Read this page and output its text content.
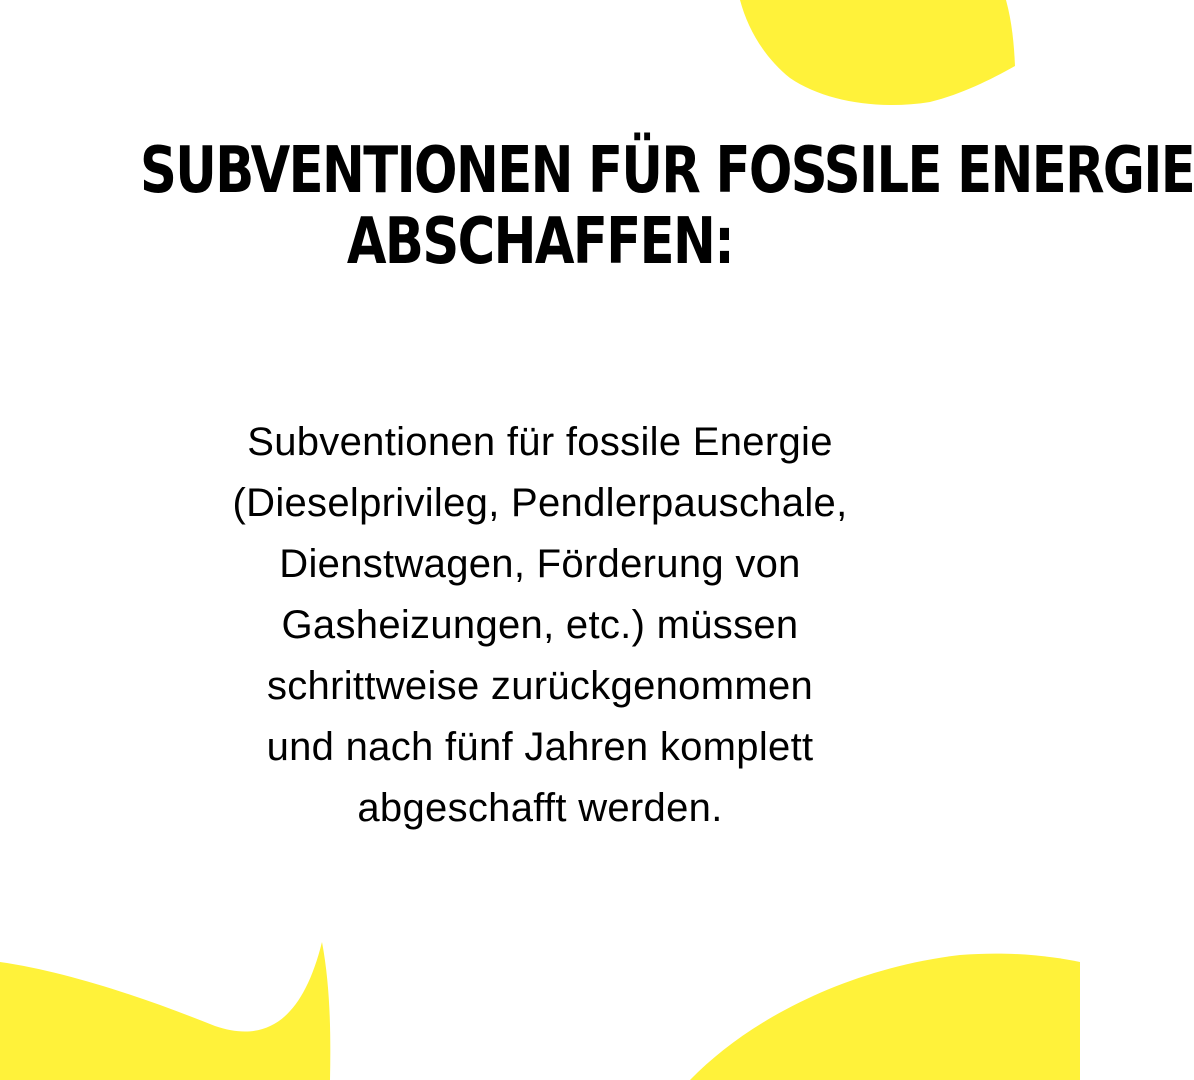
SUBVENTIONEN FÜR FOSSILE ENERGIE
ABSCHAFFEN:

Subventionen für fossile Energie
(Dieselprivileg, Pendlerpauschale,
Dienstwagen, Förderung von
Gasheizungen, etc.) müssen
schrittweise zurückgenommen
und nach fünf Jahren komplett
abgeschafft werden.
